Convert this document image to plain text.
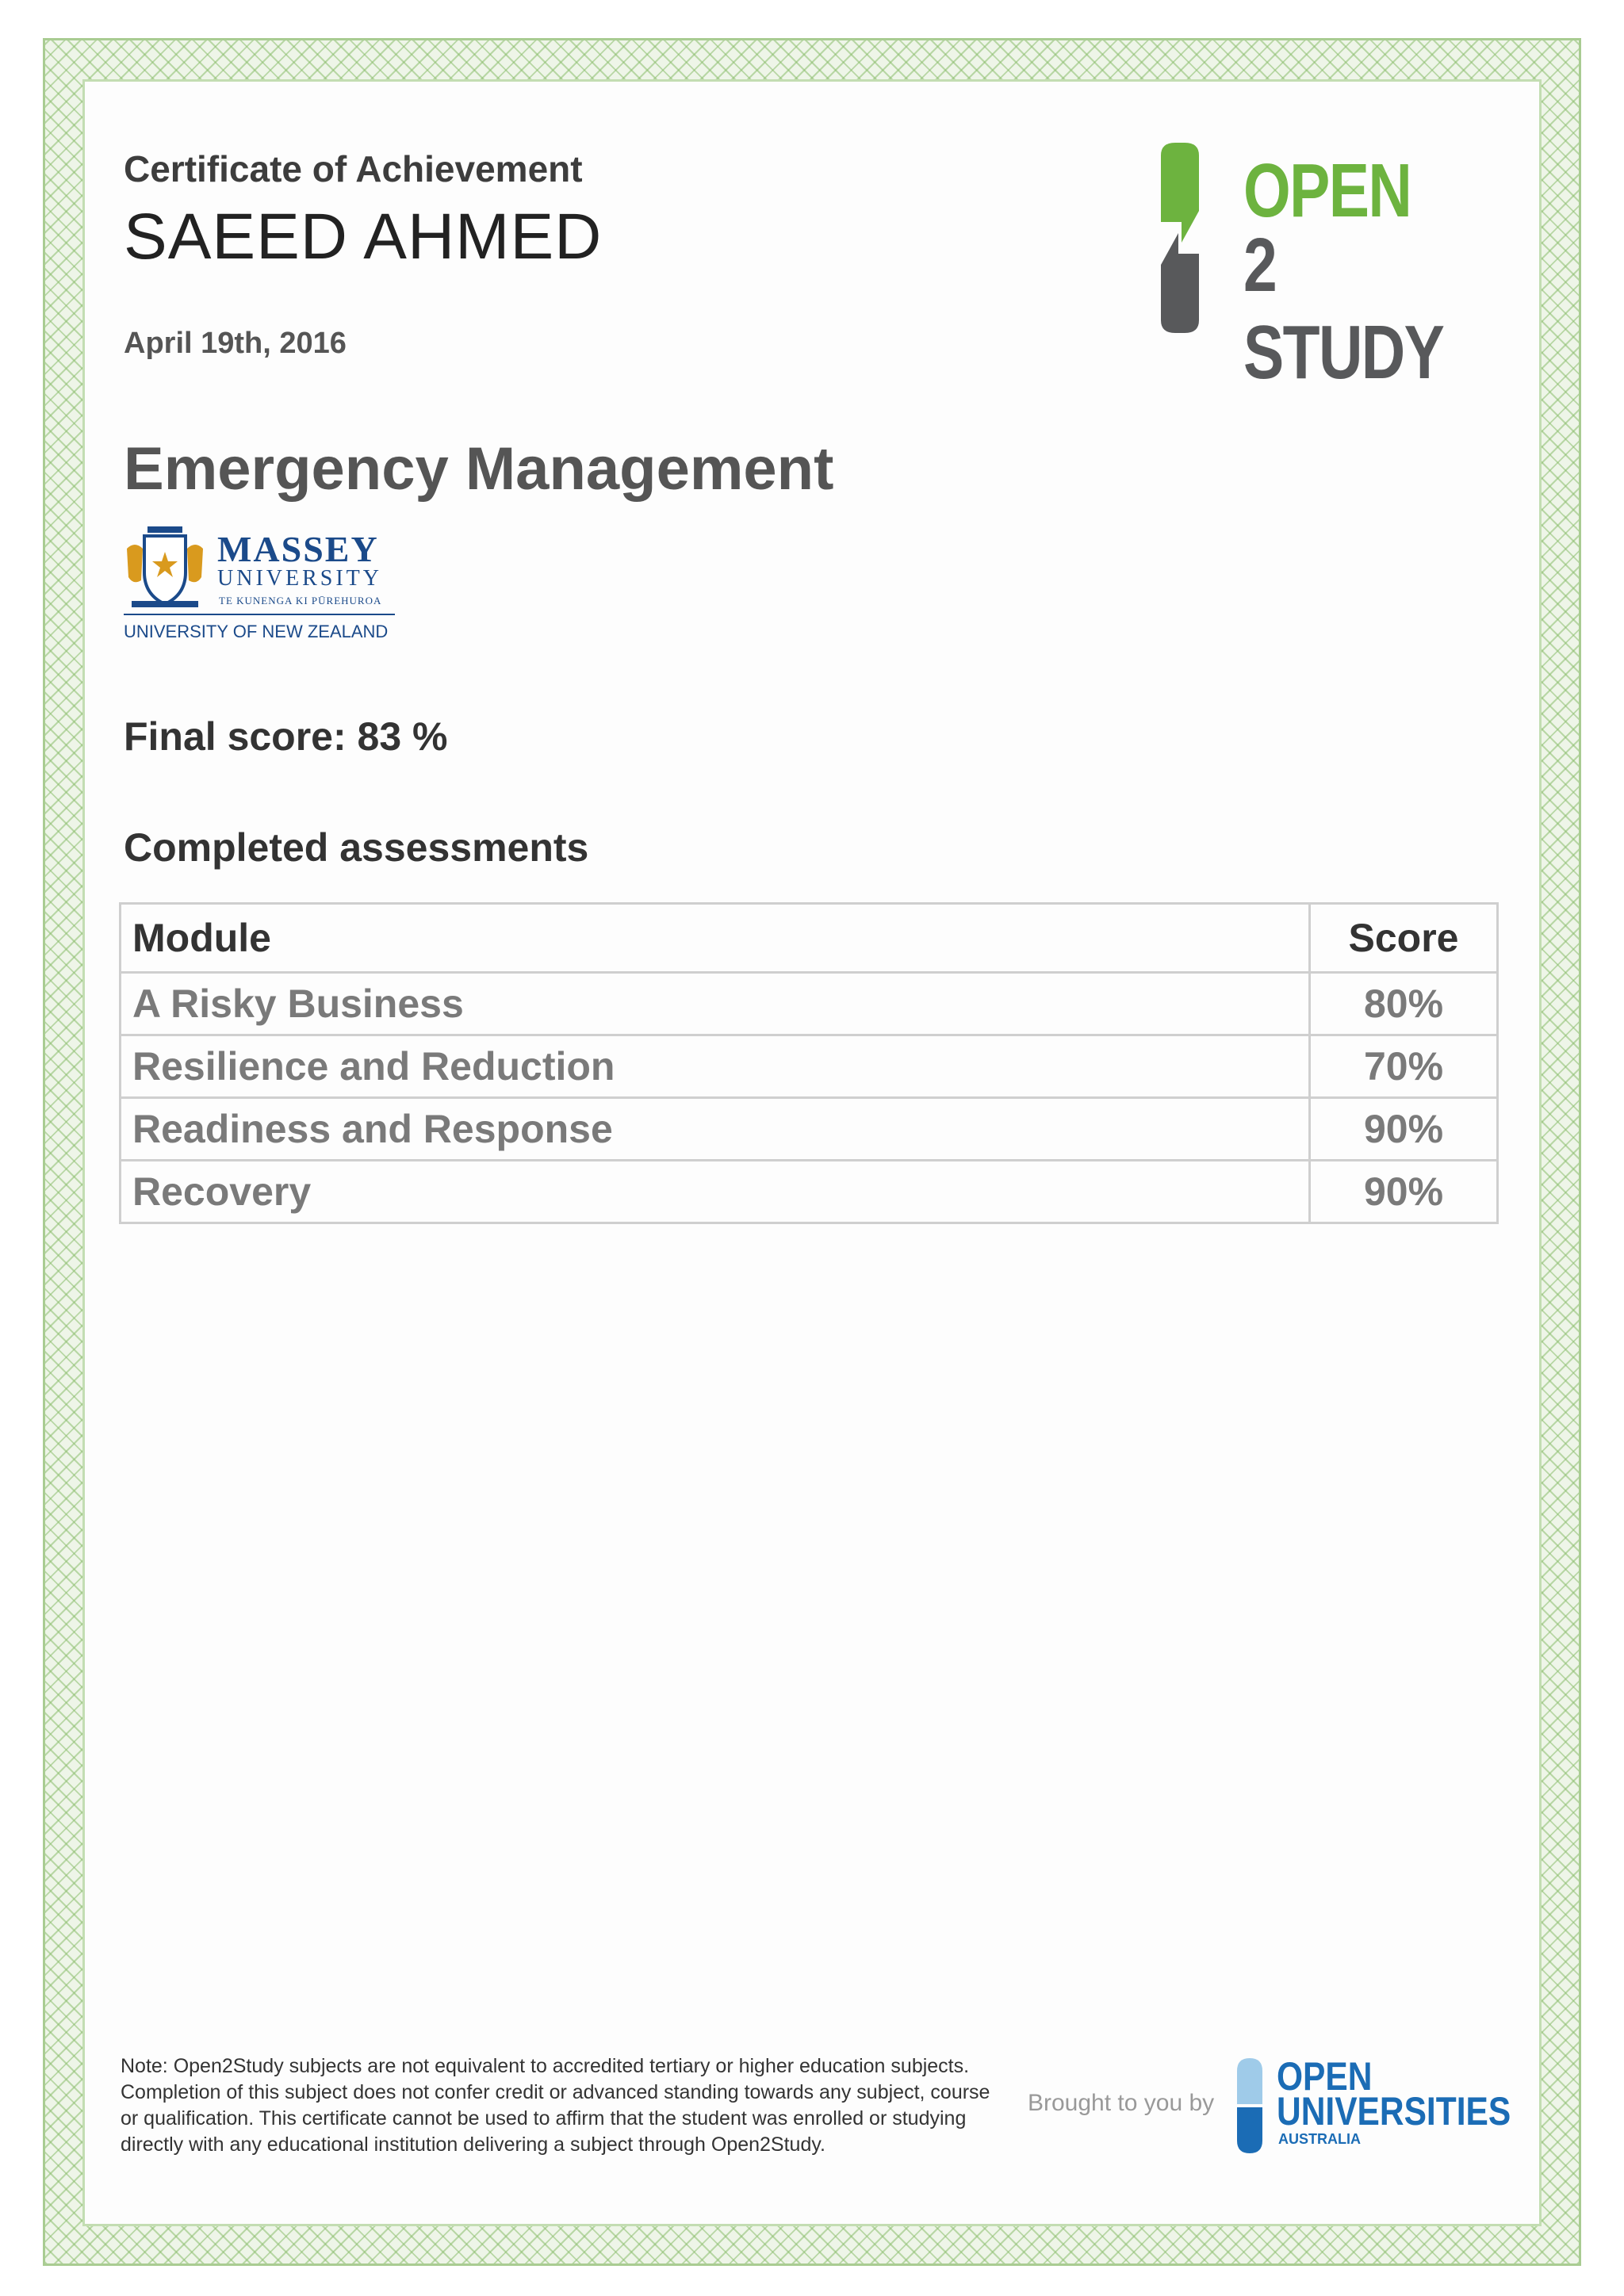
Certificate of Achievement
SAEED AHMED
April 19th, 2016
OPEN
2 STUDY
Emergency Management
MASSEY
UNIVERSITY
TE KUNENGA KI PŪREHUROA
UNIVERSITY OF NEW ZEALAND
Final score: 83 %
Completed assessments
Module	Score
A Risky Business	80%
Resilience and Reduction	70%
Readiness and Response	90%
Recovery	90%
Note: Open2Study subjects are not equivalent to accredited tertiary or higher education subjects. Completion of this subject does not confer credit or advanced standing towards any subject, course or qualification. This certificate cannot be used to affirm that the student was enrolled or studying directly with any educational institution delivering a subject through Open2Study.
Brought to you by
OPEN
UNIVERSITIES
AUSTRALIA
